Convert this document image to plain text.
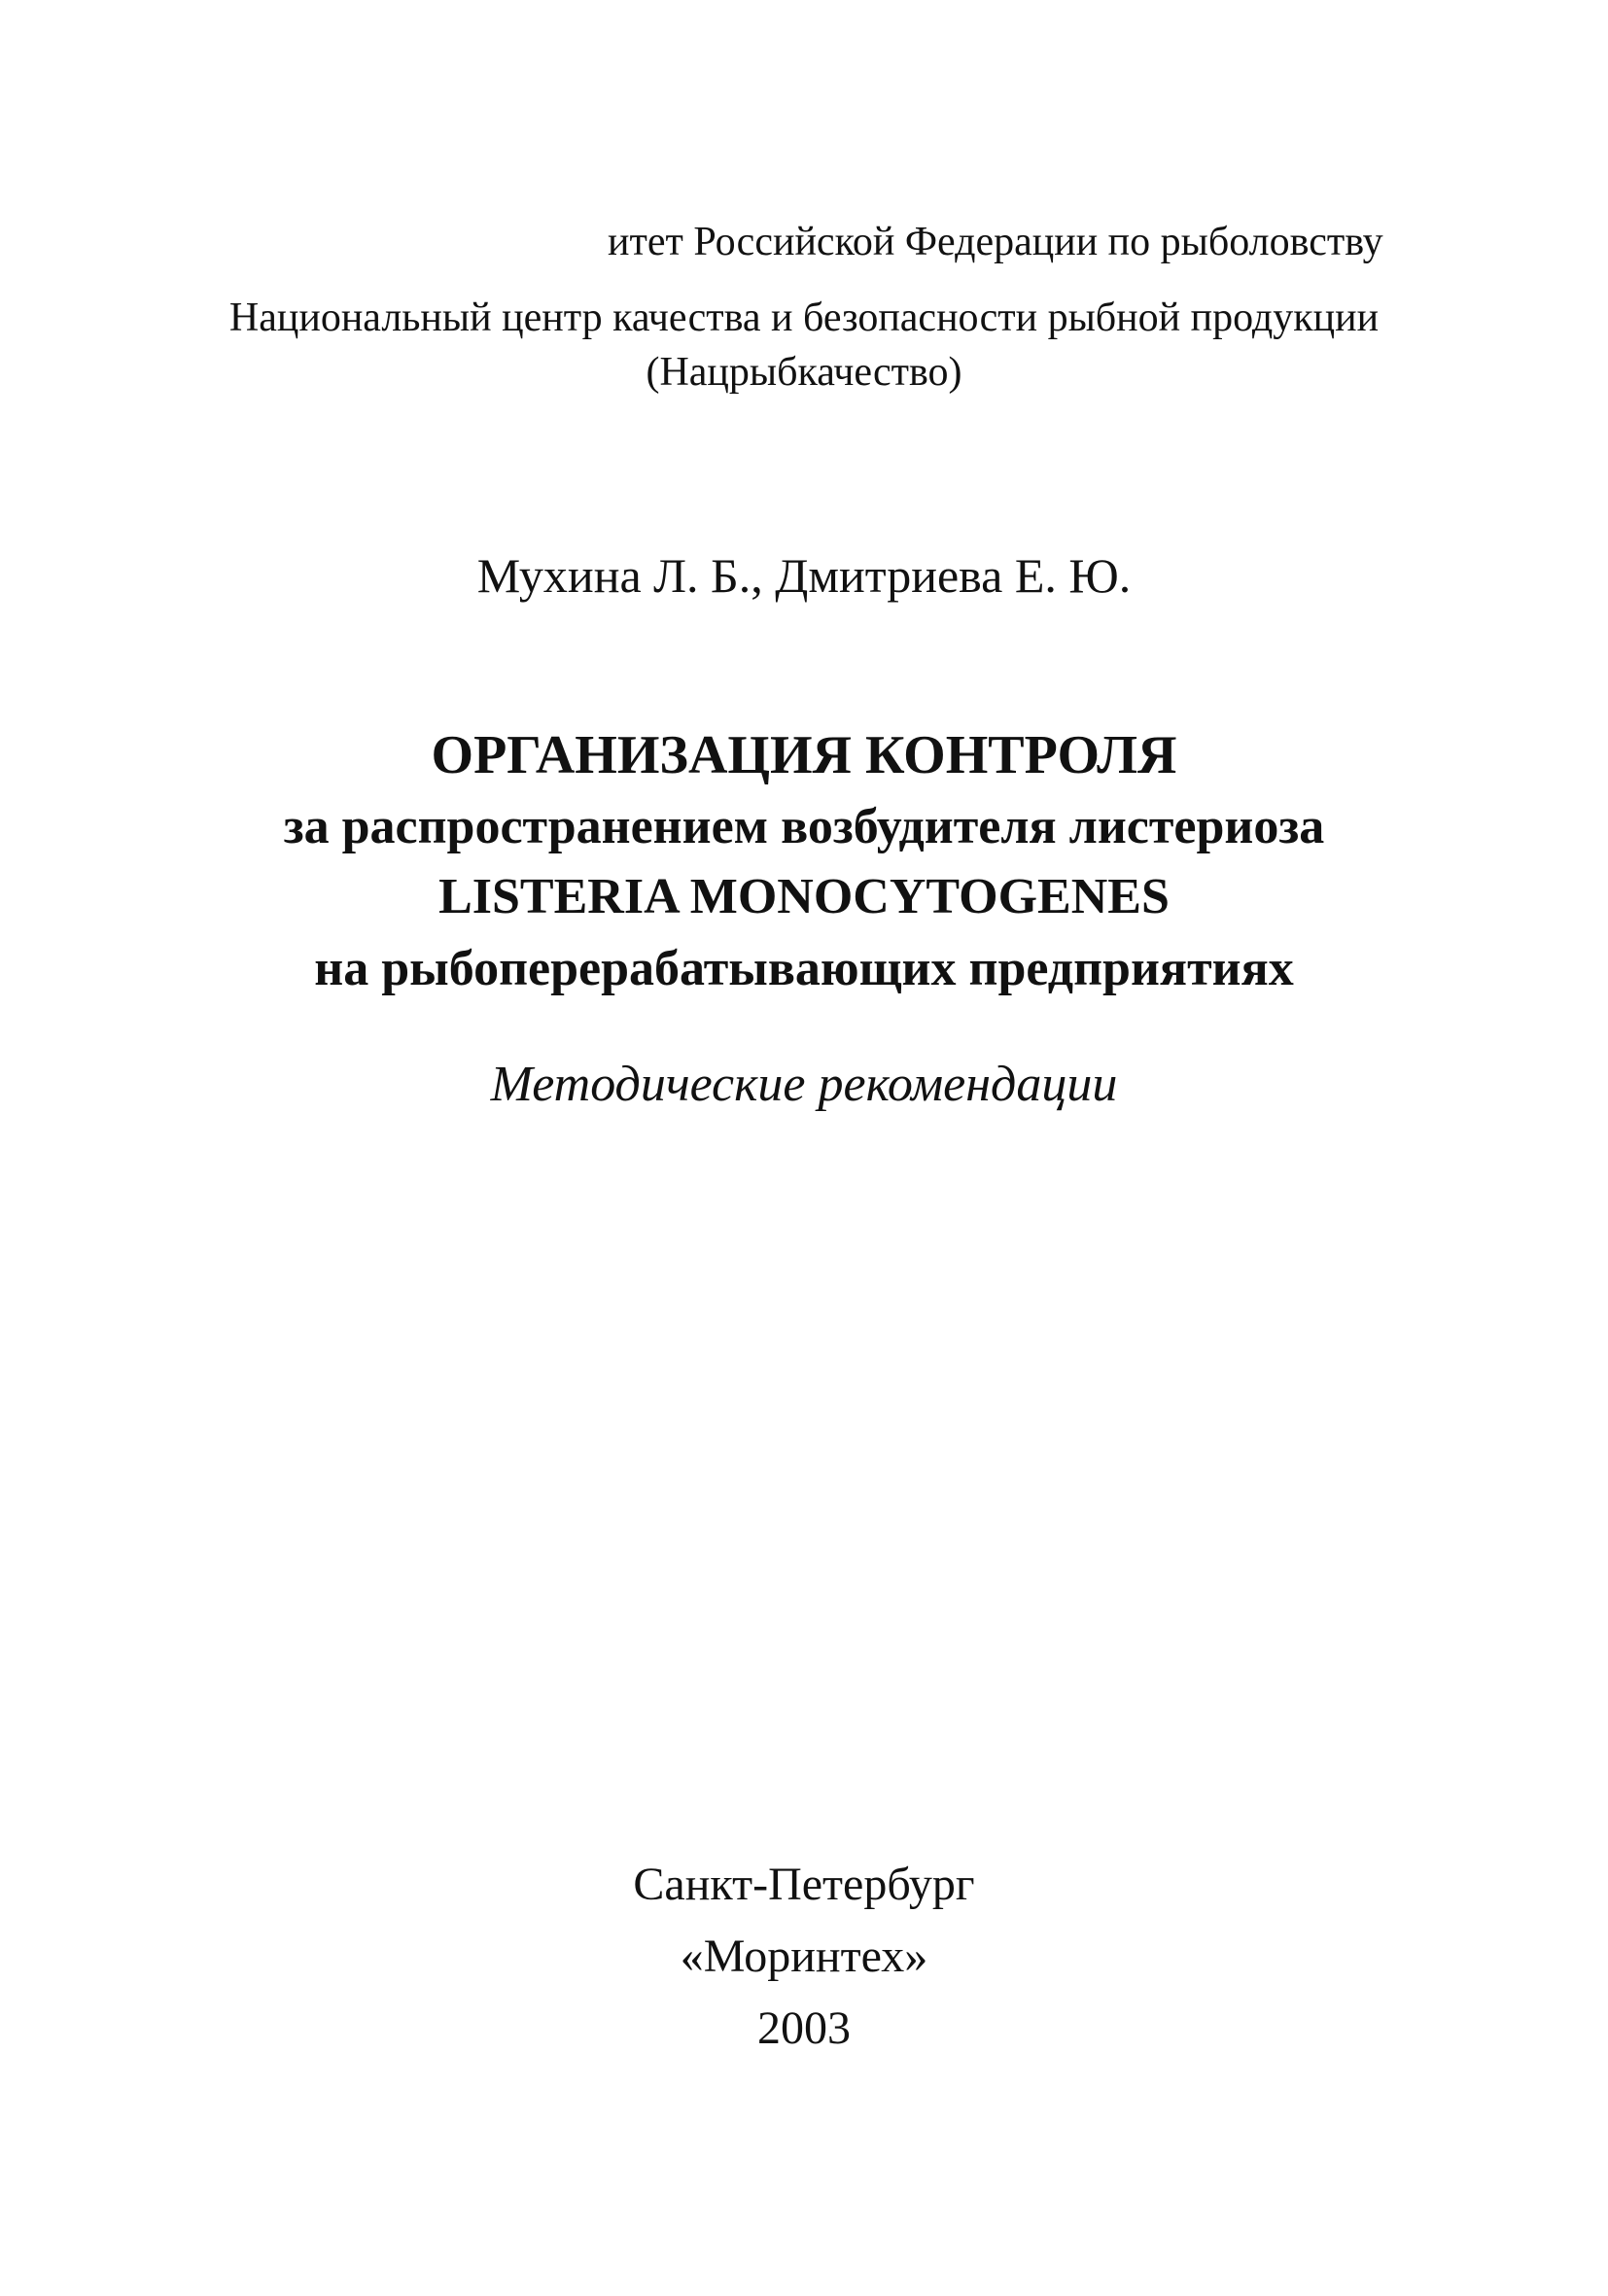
итет Российской Федерации по рыболовству
Национальный центр качества и безопасности рыбной продукции
(Нацрыбкачество)
Мухина Л. Б., Дмитриева Е. Ю.
ОРГАНИЗАЦИЯ КОНТРОЛЯ
за распространением возбудителя листериоза
LISTERIA MONOCYTOGENES
на рыбоперерабатывающих предприятиях
Методические рекомендации
Санкт-Петербург
«Моринтех»
2003
